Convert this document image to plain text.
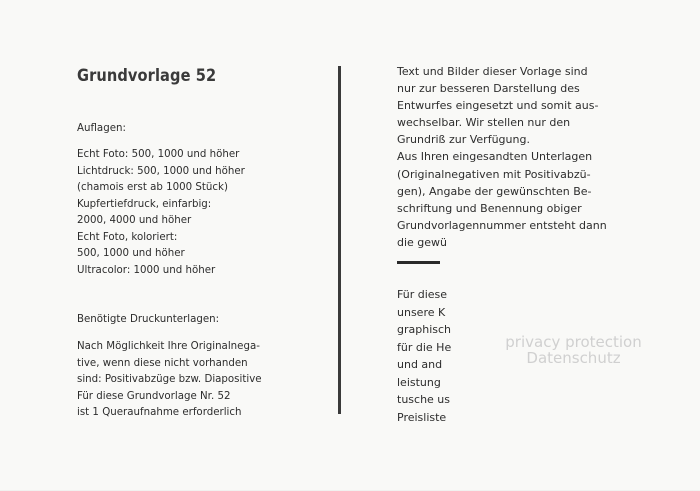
Grundvorlage 52
Auflagen:
Echt Foto: 500, 1000 und höher
Lichtdruck: 500, 1000 und höher
(chamois erst ab 1000 Stück)
Kupfertiefdruck, einfarbig:
2000, 4000 und höher
Echt Foto, koloriert:
500, 1000 und höher
Ultracolor: 1000 und höher
Benötigte Druckunterlagen:
Nach Möglichkeit Ihre Originalnega-
tive, wenn diese nicht vorhanden
sind: Positivabzüge bzw. Diapositive
Für diese Grundvorlage Nr. 52
ist 1 Queraufnahme erforderlich
Text und Bilder dieser Vorlage sind
nur zur besseren Darstellung des
Entwurfes eingesetzt und somit aus-
wechselbar. Wir stellen nur den
Grundriß zur Verfügung.
Aus Ihren eingesandten Unterlagen
(Originalnegativen mit Positivabzü-
gen), Angabe der gewünschten Be-
schriftung und Benennung obiger
Grundvorlagennummer entsteht dann
die gewü
Für diese
unsere K
graphisch
für die He
und and
leistung
tusche us
Preisliste
privacy protection
Datenschutz
